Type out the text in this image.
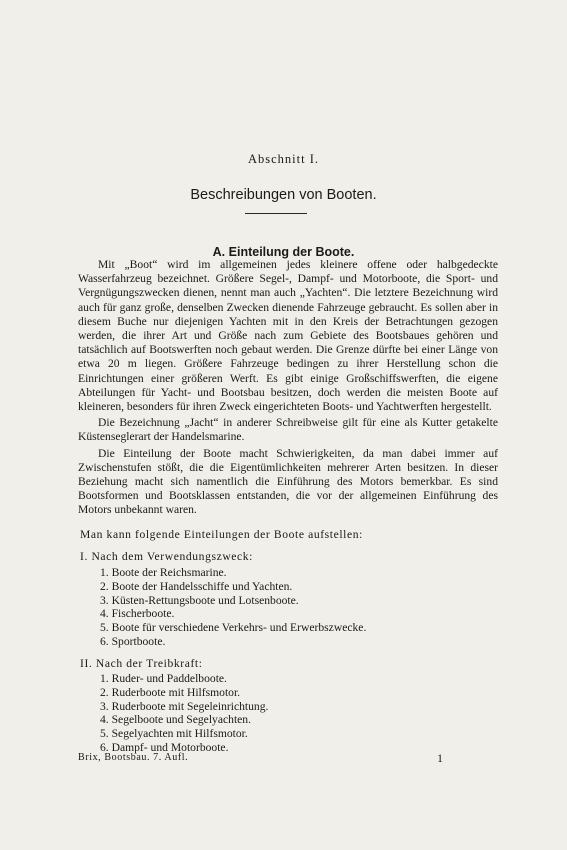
Abschnitt I.
Beschreibungen von Booten.
A. Einteilung der Boote.

Mit „Boot“ wird im allgemeinen jedes kleinere offene oder halbgedeckte Wasserfahrzeug bezeichnet. Größere Segel-, Dampf- und Motorboote, die Sport- und Vergnügungszwecken dienen, nennt man auch „Yachten“. Die letztere Bezeichnung wird auch für ganz große, denselben Zwecken dienende Fahrzeuge gebraucht. Es sollen aber in diesem Buche nur diejenigen Yachten mit in den Kreis der Betrachtungen gezogen werden, die ihrer Art und Größe nach zum Gebiete des Bootsbaues gehören und tatsächlich auf Bootswerften noch gebaut werden. Die Grenze dürfte bei einer Länge von etwa 20 m liegen. Größere Fahrzeuge bedingen zu ihrer Herstellung schon die Einrichtungen einer größeren Werft. Es gibt einige Großschiffswerften, die eigene Abteilungen für Yacht- und Bootsbau besitzen, doch werden die meisten Boote auf kleineren, besonders für ihren Zweck eingerichteten Boots- und Yachtwerften hergestellt.

Die Bezeichnung „Jacht“ in anderer Schreibweise gilt für eine als Kutter getakelte Küstenseglerart der Handelsmarine.

Die Einteilung der Boote macht Schwierigkeiten, da man dabei immer auf Zwischenstufen stößt, die die Eigentümlichkeiten mehrerer Arten besitzen. In dieser Beziehung macht sich namentlich die Einführung des Motors bemerkbar. Es sind Bootsformen und Bootsklassen entstanden, die vor der allgemeinen Einführung des Motors unbekannt waren.

Man kann folgende Einteilungen der Boote aufstellen:
I. Nach dem Verwendungszweck:
1. Boote der Reichsmarine.
2. Boote der Handelsschiffe und Yachten.
3. Küsten-Rettungsboote und Lotsenboote.
4. Fischerboote.
5. Boote für verschiedene Verkehrs- und Erwerbszwecke.
6. Sportboote.
II. Nach der Treibkraft:
1. Ruder- und Paddelboote.
2. Ruderboote mit Hilfsmotor.
3. Ruderboote mit Segeleinrichtung.
4. Segelboote und Segelyachten.
5. Segelyachten mit Hilfsmotor.
6. Dampf- und Motorboote.
Brix, Bootsbau. 7. Aufl.	1
